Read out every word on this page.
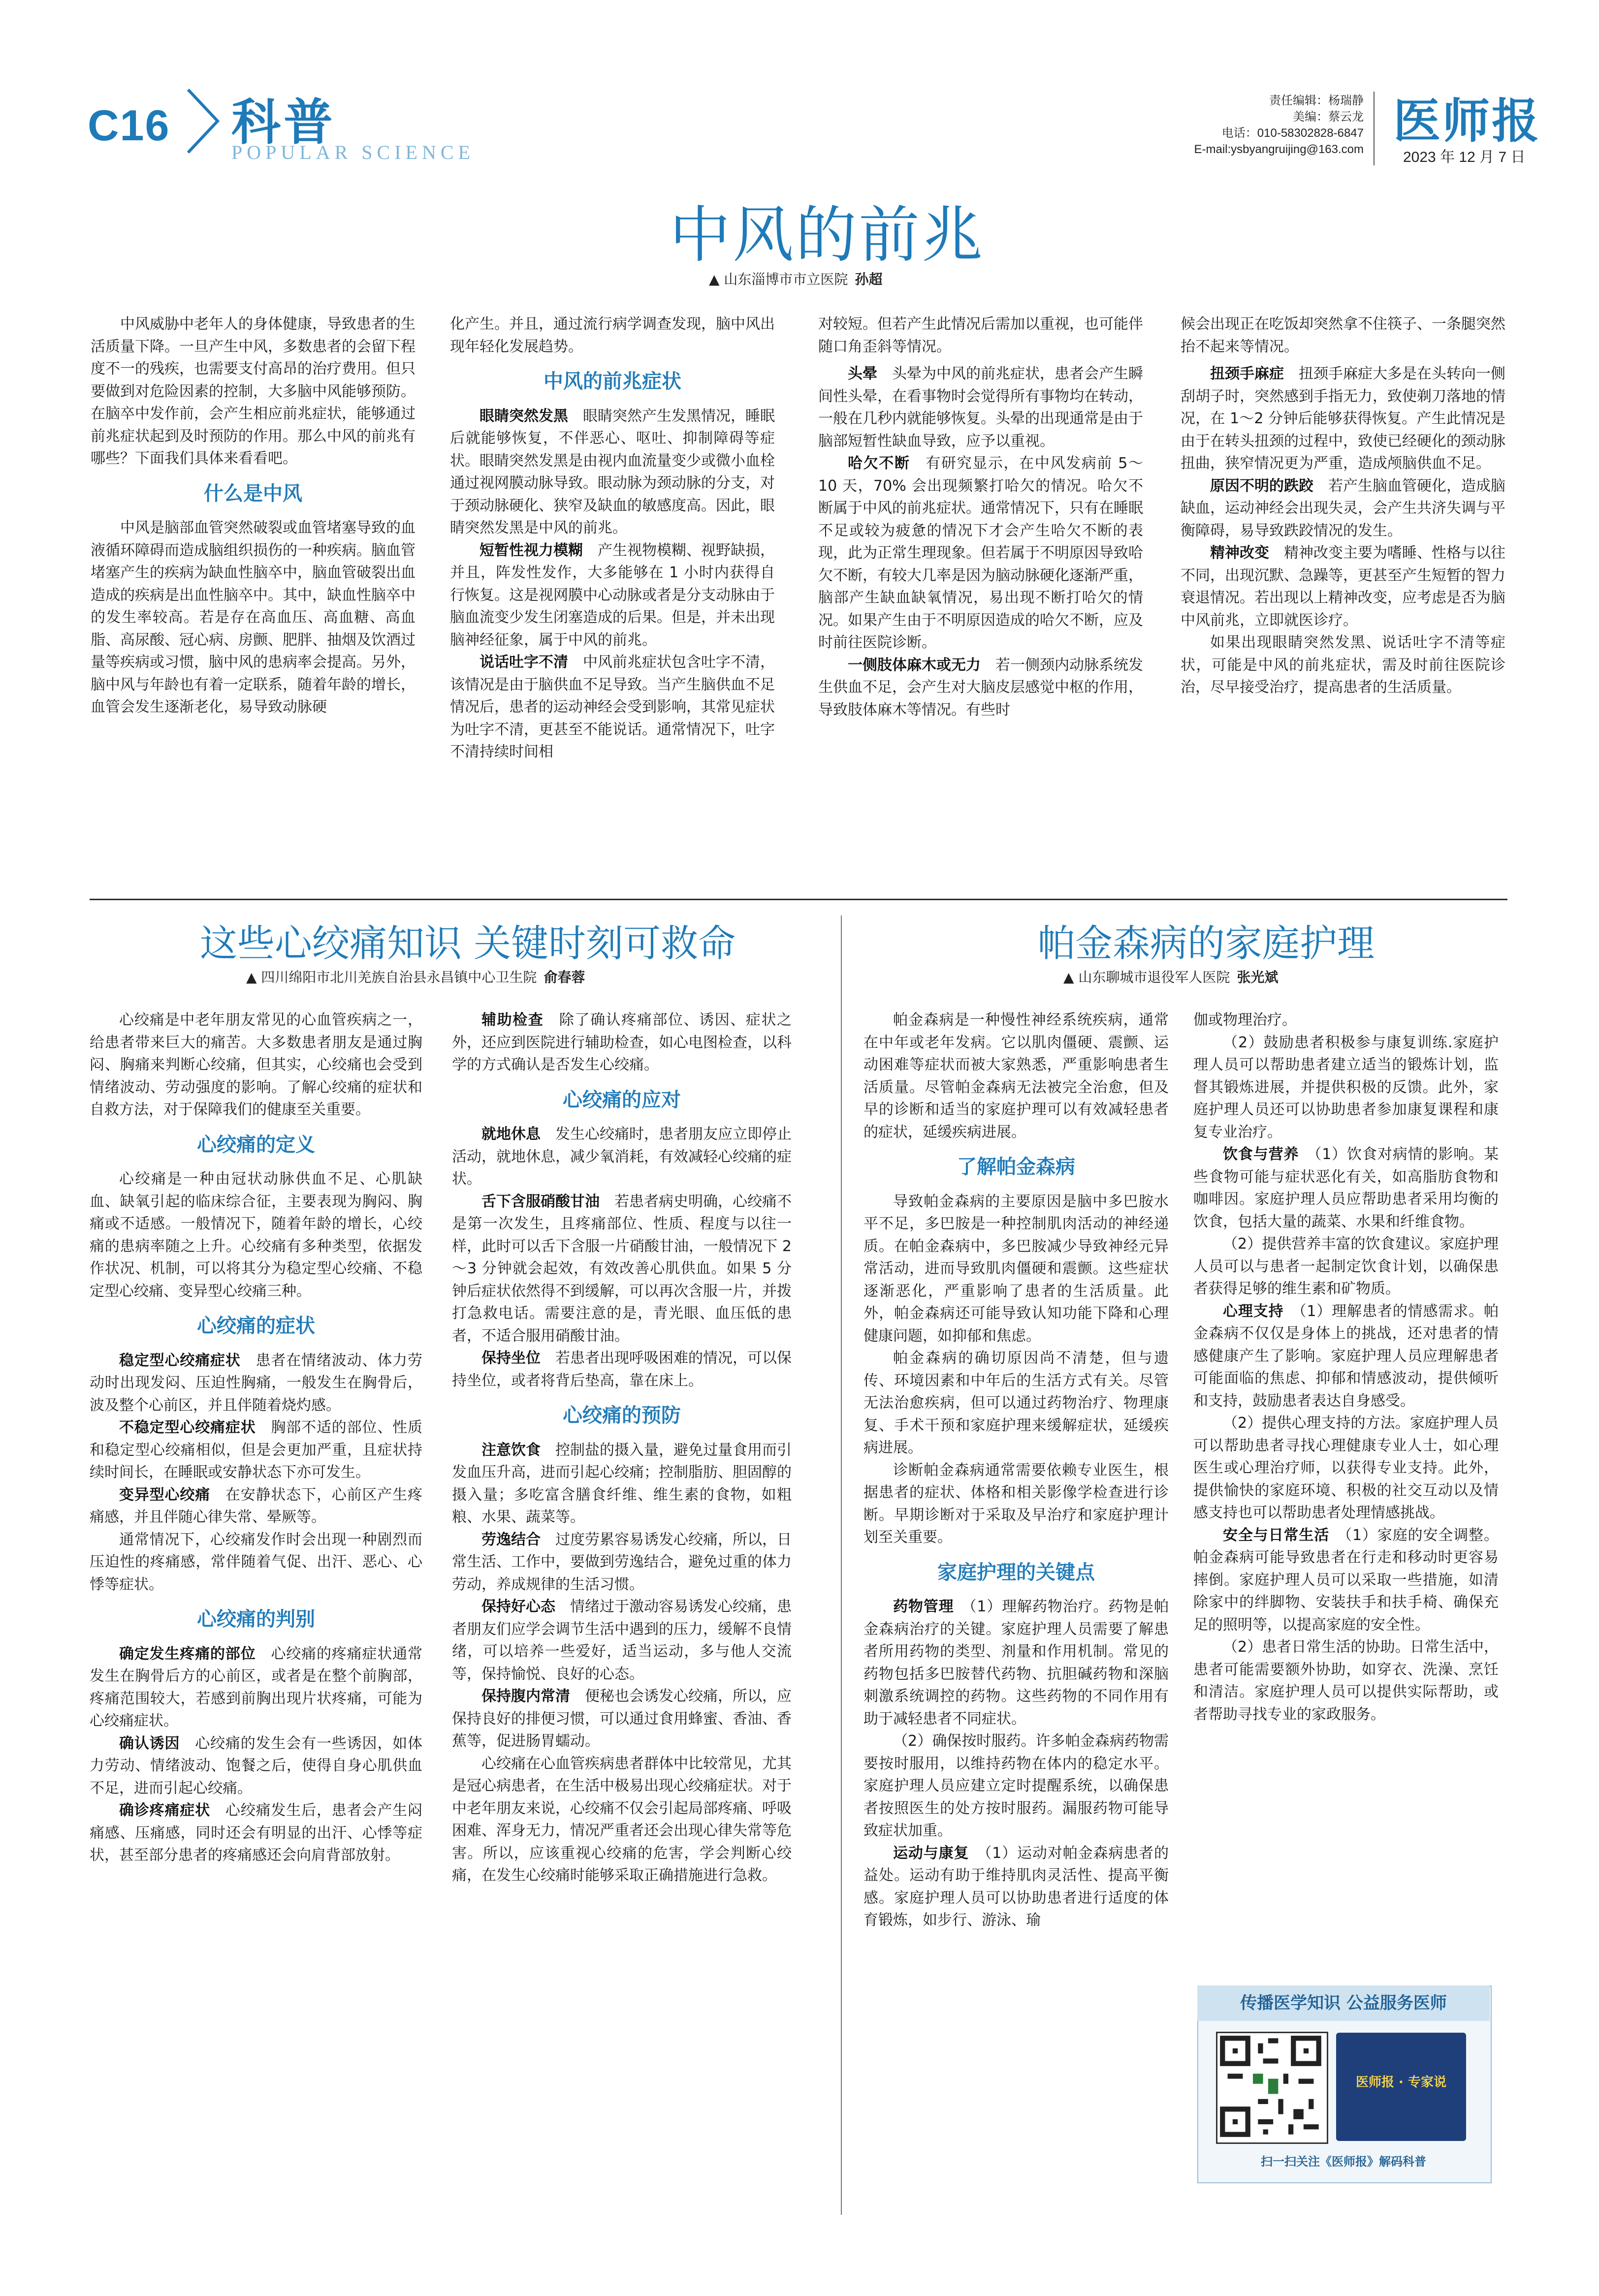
C16 科普
POPULAR SCIENCE
责任编辑：杨瑞静
美编：蔡云龙
电话：010-58302828-6847
E-mail:ysbyangruijing@163.com
医师报
2023 年 12 月 7 日
中风的前兆
▲ 山东淄博市市立医院 孙超

中风威胁中老年人的身体健康，导致患者的生活质量下降。一旦产生中风，多数患者的会留下程度不一的残疾，也需要支付高昂的治疗费用。但只要做到对危险因素的控制，大多脑中风能够预防。在脑卒中发作前，会产生相应前兆症状，能够通过前兆症状起到及时预防的作用。那么中风的前兆有哪些？下面我们具体来看看吧。

什么是中风

中风是脑部血管突然破裂或血管堵塞导致的血液循环障碍而造成脑组织损伤的一种疾病。脑血管堵塞产生的疾病为缺血性脑卒中，脑血管破裂出血造成的疾病是出血性脑卒中。其中，缺血性脑卒中的发生率较高。若是存在高血压、高血糖、高血脂、高尿酸、冠心病、房颤、肥胖、抽烟及饮酒过量等疾病或习惯，脑中风的患病率会提高。另外，脑中风与年龄也有着一定联系，随着年龄的增长，血管会发生逐渐老化，易导致动脉硬

化产生。并且，通过流行病学调查发现，脑中风出现年轻化发展趋势。

中风的前兆症状

眼睛突然发黑　 眼睛突然产生发黑情况，睡眠后就能够恢复，不伴恶心、呕吐、抑制障碍等症状。眼睛突然发黑是由视内血流量变少或微小血栓通过视网膜动脉导致。眼动脉为颈动脉的分支，对于颈动脉硬化、狭窄及缺血的敏感度高。因此，眼睛突然发黑是中风的前兆。

短暂性视力模糊　 产生视物模糊、视野缺损，并且，阵发性发作，大多能够在 1 小时内获得自行恢复。这是视网膜中心动脉或者是分支动脉由于脑血流变少发生闭塞造成的后果。但是，并未出现脑神经征象，属于中风的前兆。

说话吐字不清　 中风前兆症状包含吐字不清，该情况是由于脑供血不足导致。当产生脑供血不足情况后，患者的运动神经会受到影响，其常见症状为吐字不清，更甚至不能说话。通常情况下，吐字不清持续时间相

对较短。但若产生此情况后需加以重视，也可能伴随口角歪斜等情况。

头晕　 头晕为中风的前兆症状，患者会产生瞬间性头晕，在看事物时会觉得所有事物均在转动，一般在几秒内就能够恢复。头晕的出现通常是由于脑部短暂性缺血导致，应予以重视。

哈欠不断　 有研究显示，在中风发病前 5～10 天，70% 会出现频繁打哈欠的情况。哈欠不断属于中风的前兆症状。通常情况下，只有在睡眠不足或较为疲惫的情况下才会产生哈欠不断的表现，此为正常生理现象。但若属于不明原因导致哈欠不断，有较大几率是因为脑动脉硬化逐渐严重，脑部产生缺血缺氧情况，易出现不断打哈欠的情况。如果产生由于不明原因造成的哈欠不断，应及时前往医院诊断。

一侧肢体麻木或无力　 若一侧颈内动脉系统发生供血不足，会产生对大脑皮层感觉中枢的作用，导致肢体麻木等情况。有些时

候会出现正在吃饭却突然拿不住筷子、一条腿突然抬不起来等情况。

扭颈手麻症　 扭颈手麻症大多是在头转向一侧刮胡子时，突然感到手指无力，致使剃刀落地的情况，在 1～2 分钟后能够获得恢复。产生此情况是由于在转头扭颈的过程中，致使已经硬化的颈动脉扭曲，狭窄情况更为严重，造成颅脑供血不足。

原因不明的跌跤　 若产生脑血管硬化，造成脑缺血，运动神经会出现失灵，会产生共济失调与平衡障碍，易导致跌跤情况的发生。

精神改变　 精神改变主要为嗜睡、性格与以往不同，出现沉默、急躁等，更甚至产生短暂的智力衰退情况。若出现以上精神改变，应考虑是否为脑中风前兆，立即就医诊疗。

如果出现眼睛突然发黑、说话吐字不清等症状，可能是中风的前兆症状，需及时前往医院诊治，尽早接受治疗，提高患者的生活质量。

这些心绞痛知识 关键时刻可救命
▲ 四川绵阳市北川羌族自治县永昌镇中心卫生院 俞春蓉

心绞痛是中老年朋友常见的心血管疾病之一，给患者带来巨大的痛苦。大多数患者朋友是通过胸闷、胸痛来判断心绞痛，但其实，心绞痛也会受到情绪波动、劳动强度的影响。了解心绞痛的症状和自救方法，对于保障我们的健康至关重要。

心绞痛的定义

心绞痛是一种由冠状动脉供血不足、心肌缺血、缺氧引起的临床综合征，主要表现为胸闷、胸痛或不适感。一般情况下，随着年龄的增长，心绞痛的患病率随之上升。心绞痛有多种类型，依据发作状况、机制，可以将其分为稳定型心绞痛、不稳定型心绞痛、变异型心绞痛三种。

心绞痛的症状

稳定型心绞痛症状　 患者在情绪波动、体力劳动时出现发闷、压迫性胸痛，一般发生在胸骨后，波及整个心前区，并且伴随着烧灼感。

不稳定型心绞痛症状　 胸部不适的部位、性质和稳定型心绞痛相似，但是会更加严重，且症状持续时间长，在睡眠或安静状态下亦可发生。

变异型心绞痛　 在安静状态下，心前区产生疼痛感，并且伴随心律失常、晕厥等。

通常情况下，心绞痛发作时会出现一种剧烈而压迫性的疼痛感，常伴随着气促、出汗、恶心、心悸等症状。

心绞痛的判别

确定发生疼痛的部位　 心绞痛的疼痛症状通常发生在胸骨后方的心前区，或者是在整个前胸部，疼痛范围较大，若感到前胸出现片状疼痛，可能为心绞痛症状。

确认诱因　 心绞痛的发生会有一些诱因，如体力劳动、情绪波动、饱餐之后，使得自身心肌供血不足，进而引起心绞痛。

确诊疼痛症状　 心绞痛发生后，患者会产生闷痛感、压痛感，同时还会有明显的出汗、心悸等症状，甚至部分患者的疼痛感还会向肩背部放射。

辅助检查　 除了确认疼痛部位、诱因、症状之外，还应到医院进行辅助检查，如心电图检查，以科学的方式确认是否发生心绞痛。

心绞痛的应对

就地休息　 发生心绞痛时，患者朋友应立即停止活动，就地休息，减少氧消耗，有效减轻心绞痛的症状。

舌下含服硝酸甘油　 若患者病史明确，心绞痛不是第一次发生，且疼痛部位、性质、程度与以往一样，此时可以舌下含服一片硝酸甘油，一般情况下 2～3 分钟就会起效，有效改善心肌供血。如果 5 分钟后症状依然得不到缓解，可以再次含服一片，并拨打急救电话。需要注意的是，青光眼、血压低的患者，不适合服用硝酸甘油。

保持坐位　 若患者出现呼吸困难的情况，可以保持坐位，或者将背后垫高，靠在床上。

心绞痛的预防

注意饮食　 控制盐的摄入量，避免过量食用而引发血压升高，进而引起心绞痛；控制脂肪、胆固醇的摄入量；多吃富含膳食纤维、维生素的食物，如粗粮、水果、蔬菜等。

劳逸结合　 过度劳累容易诱发心绞痛，所以，日常生活、工作中，要做到劳逸结合，避免过重的体力劳动，养成规律的生活习惯。

保持好心态　 情绪过于激动容易诱发心绞痛，患者朋友们应学会调节生活中遇到的压力，缓解不良情绪，可以培养一些爱好，适当运动，多与他人交流等，保持愉悦、良好的心态。

保持腹内常清　 便秘也会诱发心绞痛，所以，应保持良好的排便习惯，可以通过食用蜂蜜、香油、香蕉等，促进肠胃蠕动。

心绞痛在心血管疾病患者群体中比较常见，尤其是冠心病患者，在生活中极易出现心绞痛症状。对于中老年朋友来说，心绞痛不仅会引起局部疼痛、呼吸困难、浑身无力，情况严重者还会出现心律失常等危害。所以，应该重视心绞痛的危害，学会判断心绞痛，在发生心绞痛时能够采取正确措施进行急救。

帕金森病的家庭护理
▲ 山东聊城市退役军人医院 张光斌

帕金森病是一种慢性神经系统疾病，通常在中年或老年发病。它以肌肉僵硬、震颤、运动困难等症状而被大家熟悉，严重影响患者生活质量。尽管帕金森病无法被完全治愈，但及早的诊断和适当的家庭护理可以有效减轻患者的症状，延缓疾病进展。

了解帕金森病

导致帕金森病的主要原因是脑中多巴胺水平不足，多巴胺是一种控制肌肉活动的神经递质。在帕金森病中，多巴胺减少导致神经元异常活动，进而导致肌肉僵硬和震颤。这些症状逐渐恶化，严重影响了患者的生活质量。此外，帕金森病还可能导致认知功能下降和心理健康问题，如抑郁和焦虑。

帕金森病的确切原因尚不清楚，但与遗传、环境因素和中年后的生活方式有关。尽管无法治愈疾病，但可以通过药物治疗、物理康复、手术干预和家庭护理来缓解症状，延缓疾病进展。

诊断帕金森病通常需要依赖专业医生，根据患者的症状、体格和相关影像学检查进行诊断。早期诊断对于采取及早治疗和家庭护理计划至关重要。

家庭护理的关键点

药物管理　 （1）理解药物治疗。药物是帕金森病治疗的关键。家庭护理人员需要了解患者所用药物的类型、剂量和作用机制。常见的药物包括多巴胺替代药物、抗胆碱药物和深脑刺激系统调控的药物。这些药物的不同作用有助于减轻患者不同症状。

（2）确保按时服药。许多帕金森病药物需要按时服用，以维持药物在体内的稳定水平。家庭护理人员应建立定时提醒系统，以确保患者按照医生的处方按时服药。漏服药物可能导致症状加重。

运动与康复　 （1）运动对帕金森病患者的益处。运动有助于维持肌肉灵活性、提高平衡感。家庭护理人员可以协助患者进行适度的体育锻炼，如步行、游泳、瑜

伽或物理治疗。

（2）鼓励患者积极参与康复训练.家庭护理人员可以帮助患者建立适当的锻炼计划，监督其锻炼进展，并提供积极的反馈。此外，家庭护理人员还可以协助患者参加康复课程和康复专业治疗。

饮食与营养　 （1）饮食对病情的影响。某些食物可能与症状恶化有关，如高脂肪食物和咖啡因。家庭护理人员应帮助患者采用均衡的饮食，包括大量的蔬菜、水果和纤维食物。

（2）提供营养丰富的饮食建议。家庭护理人员可以与患者一起制定饮食计划，以确保患者获得足够的维生素和矿物质。

心理支持　 （1）理解患者的情感需求。帕金森病不仅仅是身体上的挑战，还对患者的情感健康产生了影响。家庭护理人员应理解患者可能面临的焦虑、抑郁和情感波动，提供倾听和支持，鼓励患者表达自身感受。

（2）提供心理支持的方法。家庭护理人员可以帮助患者寻找心理健康专业人士，如心理医生或心理治疗师，以获得专业支持。此外，提供愉快的家庭环境、积极的社交互动以及情感支持也可以帮助患者处理情感挑战。

安全与日常生活　 （1）家庭的安全调整。帕金森病可能导致患者在行走和移动时更容易摔倒。家庭护理人员可以采取一些措施，如清除家中的绊脚物、安装扶手和扶手椅、确保充足的照明等，以提高家庭的安全性。

（2）患者日常生活的协助。日常生活中，患者可能需要额外协助，如穿衣、洗澡、烹饪和清洁。家庭护理人员可以提供实际帮助，或者帮助寻找专业的家政服务。

传播医学知识 公益服务医师
医师报 · 专家说
扫一扫关注《医师报》解码科普
